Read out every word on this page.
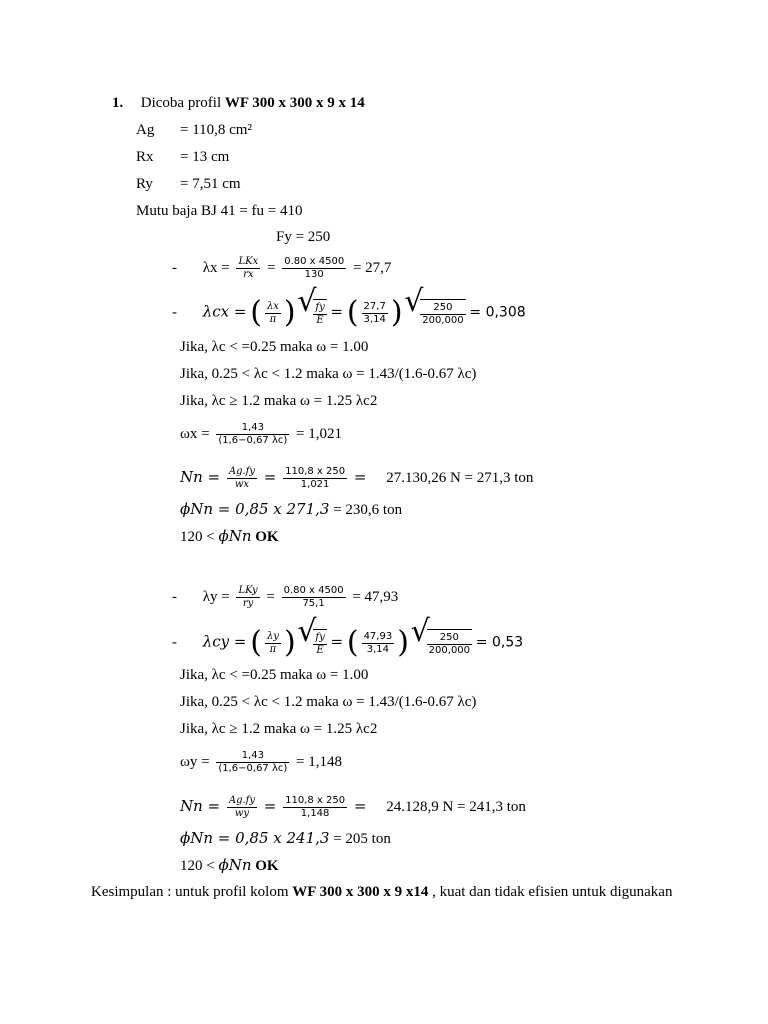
1. Dicoba profil WF 300 x 300 x 9 x 14
Ag = 110,8 cm²
Rx = 13 cm
Ry = 7,51 cm
Mutu baja BJ 41 = fu = 410
Fy = 250
- $\lambda x = \frac{\text{LKx}}{rx} = \frac{0.80 x 4500}{130} = 27,7$
- λcx = ( $\frac{\lambda x}{\pi}$ ) √ $\frac{fy}{E}$ = ( $\frac{27,7}{3,14}$ ) √ $\frac{250}{200,000} = 0,308$
Jika, λc < =0.25 maka ω = 1.00
Jika, 0.25 < λc < 1.2 maka ω = 1.43/(1.6-0.67 λc)
Jika, λc ≥ 1.2 maka ω = 1.25 λc2
$\omega x = \frac{1,43}{(1,6-0,67 \lambda c)} = 1,021$
$Nn = \frac{Ag.fy}{wx} = \frac{110,8 x 250}{1,021} = 27.130,26$ N = 271,3 ton
ϕNn = 0,85 x 271,3 = 230,6 ton
120 < ϕNn OK
- $\lambda y = \frac{\text{LKy}}{ry} = \frac{0.80 x 4500}{75,1} = 47,93$
- λcy = ( $\frac{\lambda y}{\pi}$ ) √ $\frac{fy}{E}$ = ( $\frac{47,93}{3,14}$ ) √ $\frac{250}{200,000} = 0,53$
Jika, λc < =0.25 maka ω = 1.00
Jika, 0.25 < λc < 1.2 maka ω = 1.43/(1.6-0.67 λc)
Jika, λc ≥ 1.2 maka ω = 1.25 λc2
$\omega y = \frac{1,43}{(1,6-0,67 \lambda c)} = 1,148$
$Nn = \frac{Ag.fy}{wy} = \frac{110,8 x 250}{1,148} = 24.128,9$ N = 241,3 ton
ϕNn = 0,85 x 241,3 = 205 ton
120 < ϕNn OK
Kesimpulan : untuk profil kolom WF 300 x 300 x 9 x14 , kuat dan tidak efisien untuk digunakan
